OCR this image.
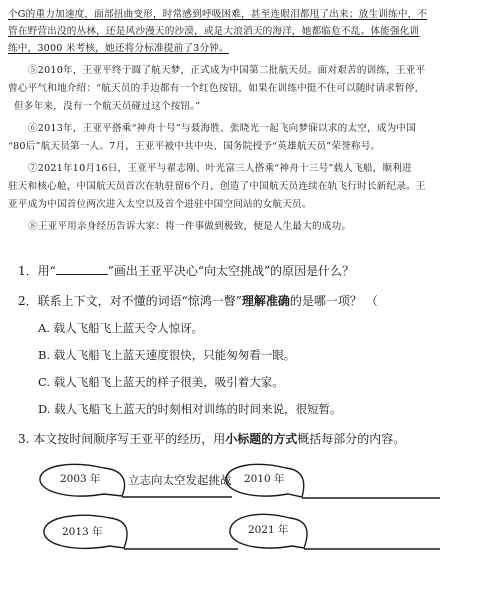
个G的重力加速度，面部扭曲变形，时常感到呼吸困难，甚至连眼泪都甩了出来；放生训练中，不
管在野营出没的丛林，还是风沙漫天的沙漠，或是大浪滔天的海洋，她都临危不乱。体能强化训
练中，3000 米考核，她还将分标准提前了3分钟。
⑤2010年，王亚平终于圆了航天梦，正式成为中国第二批航天员。面对艰苦的训练，王亚平
曾心平气和地介绍：“航天员的手边都有一个红色按钮，如果在训练中挺不住可以随时请求暂停，
但多年来，没有一个航天员碰过这个按钮。”
⑥2013年，王亚平搭乘“神舟十号”与聂海胜、张晓光一起飞向梦寐以求的太空，成为中国
“80后”航天员第一人。7月，王亚平被中共中央、国务院授予“英雄航天员”荣誉称号。
⑦2021年10月16日，王亚平与翟志刚、叶光富三人搭乘“神舟十三号”载人飞船，顺利进
驻天和核心舱，中国航天员首次在轨驻留6个月，创造了中国航天员连续在轨飞行时长新纪录。王
亚平成为中国首位两次进入太空以及首个进驻中国空间站的女航天员。
⑧王亚平用亲身经历告诉大家：将一件事做到极致，便是人生最大的成功。
1．用“	”画出王亚平决心“向太空挑战”的原因是什么？
2．联系上下文，对不懂的词语“惊鸿一瞥”理解准确的是哪一项？ （
A. 载人飞船飞上蓝天令人惊讶。
B. 载人飞船飞上蓝天速度很快，只能匆匆看一眼。
C. 载人飞船飞上蓝天的样子很美，吸引着大家。
D. 载人飞船飞上蓝天的时刻相对训练的时间来说，很短暂。
3. 本文按时间顺序写王亚平的经历，用小标题的方式概括每部分的内容。
2003 年 立志向太空发起挑战 2010 年
2013 年	2021 年
